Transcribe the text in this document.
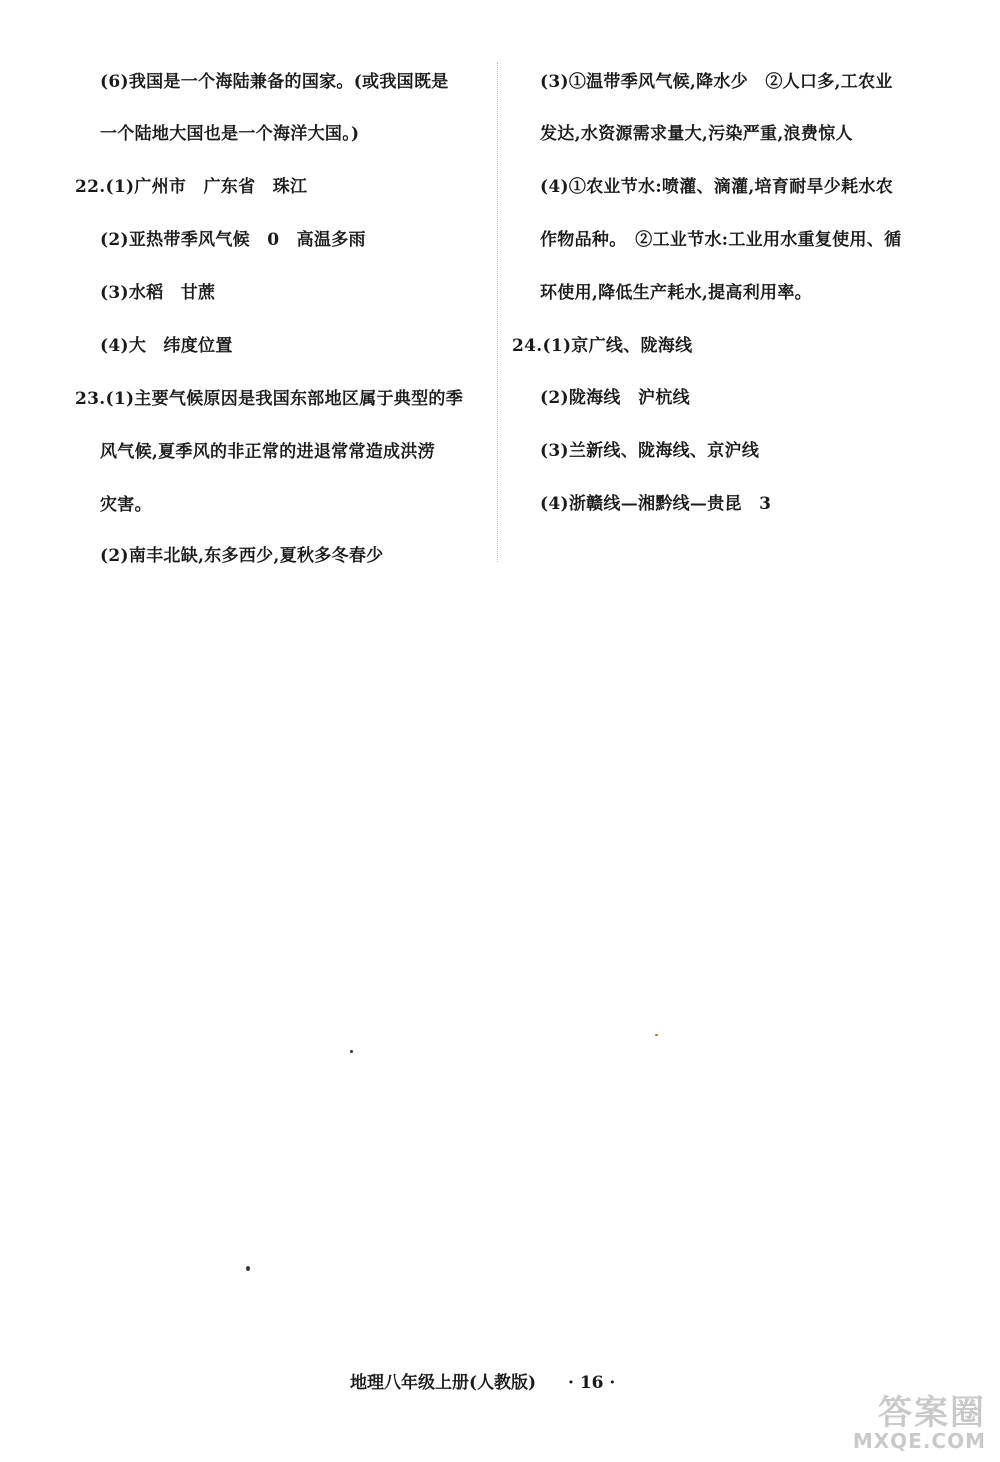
(6)我国是一个海陆兼备的国家。(或我国既是
一个陆地大国也是一个海洋大国。)
22.(1)广州市　广东省　珠江
(2)亚热带季风气候　0　高温多雨
(3)水稻　甘蔗
(4)大　纬度位置
23.(1)主要气候原因是我国东部地区属于典型的季
风气候,夏季风的非正常的进退常常造成洪涝
灾害。
(2)南丰北缺,东多西少,夏秋多冬春少
(3)①温带季风气候,降水少　②人口多,工农业
发达,水资源需求量大,污染严重,浪费惊人
(4)①农业节水:喷灌、滴灌,培育耐旱少耗水农
作物品种。　②工业节水:工业用水重复使用、循
环使用,降低生产耗水,提高利用率。
24.(1)京广线、陇海线
(2)陇海线　沪杭线
(3)兰新线、陇海线、京沪线
(4)浙赣线—湘黔线—贵昆　3
地理八年级上册(人教版) · 16 ·
答案圈
MXQE.COM
